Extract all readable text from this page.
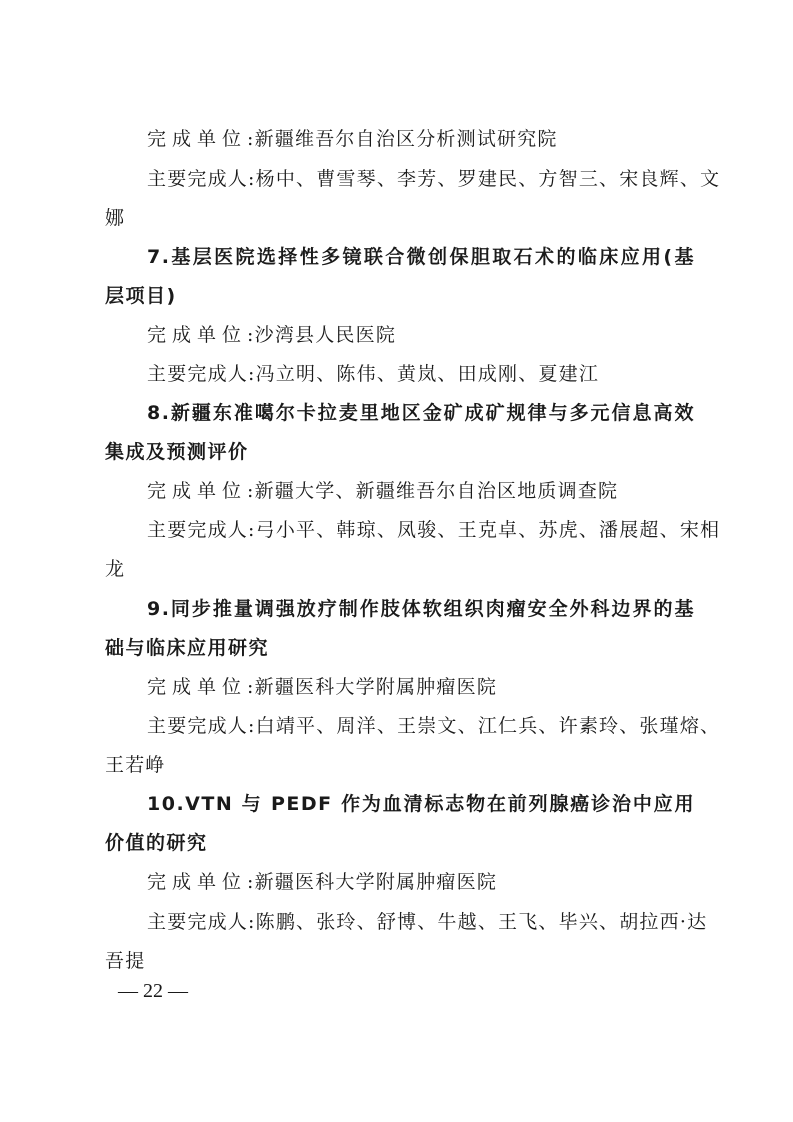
完成单位:新疆维吾尔自治区分析测试研究院
主要完成人:杨中、曹雪琴、李芳、罗建民、方智三、宋良辉、文
娜
7.基层医院选择性多镜联合微创保胆取石术的临床应用(基
层项目)
完成单位:沙湾县人民医院
主要完成人:冯立明、陈伟、黄岚、田成刚、夏建江
8.新疆东准噶尔卡拉麦里地区金矿成矿规律与多元信息高效
集成及预测评价
完成单位:新疆大学、新疆维吾尔自治区地质调查院
主要完成人:弓小平、韩琼、凤骏、王克卓、苏虎、潘展超、宋相
龙
9.同步推量调强放疗制作肢体软组织肉瘤安全外科边界的基
础与临床应用研究
完成单位:新疆医科大学附属肿瘤医院
主要完成人:白靖平、周洋、王崇文、江仁兵、许素玲、张瑾熔、
王若峥
10.VTN 与 PEDF 作为血清标志物在前列腺癌诊治中应用
价值的研究
完成单位:新疆医科大学附属肿瘤医院
主要完成人:陈鹏、张玲、舒博、牛越、王飞、毕兴、胡拉西·达
吾提
— 22 —
